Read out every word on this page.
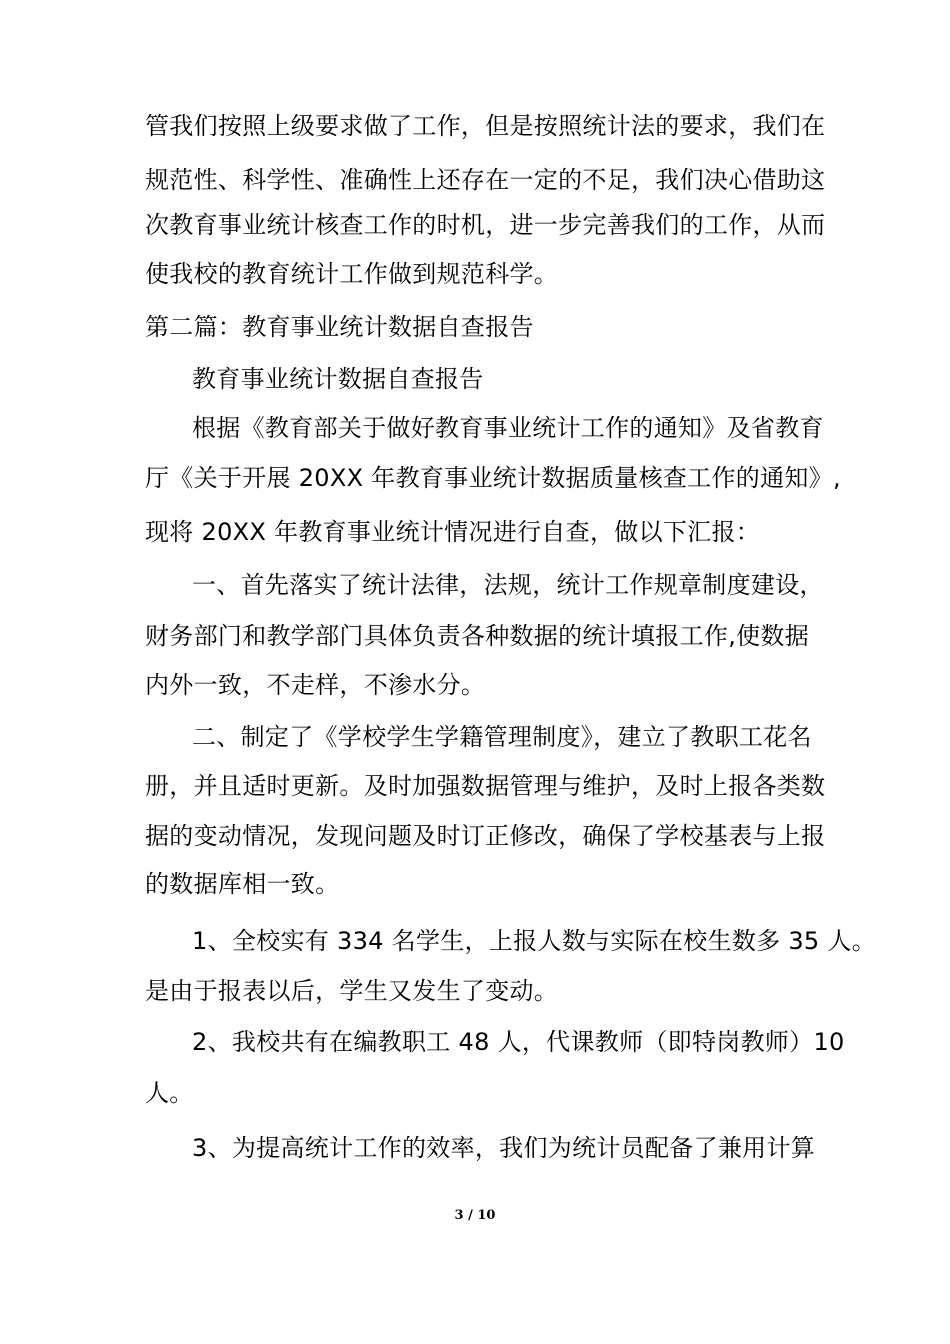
管我们按照上级要求做了工作，但是按照统计法的要求，我们在
规范性、科学性、准确性上还存在一定的不足，我们决心借助这
次教育事业统计核查工作的时机，进一步完善我们的工作，从而
使我校的教育统计工作做到规范科学。
第二篇：教育事业统计数据自查报告
教育事业统计数据自查报告
根据《教育部关于做好教育事业统计工作的通知》及省教育
厅《关于开展 20XX 年教育事业统计数据质量核查工作的通知》,
现将 20XX 年教育事业统计情况进行自查，做以下汇报：
一、首先落实了统计法律，法规，统计工作规章制度建设，
财务部门和教学部门具体负责各种数据的统计填报工作,使数据
内外一致，不走样，不渗水分。
二、制定了《学校学生学籍管理制度》，建立了教职工花名
册，并且适时更新。及时加强数据管理与维护，及时上报各类数
据的变动情况，发现问题及时订正修改，确保了学校基表与上报
的数据库相一致。
1、全校实有 334 名学生，上报人数与实际在校生数多 35 人。
是由于报表以后，学生又发生了变动。
2、我校共有在编教职工 48 人，代课教师（即特岗教师）10
人。
3、为提高统计工作的效率，我们为统计员配备了兼用计算
3 / 10
